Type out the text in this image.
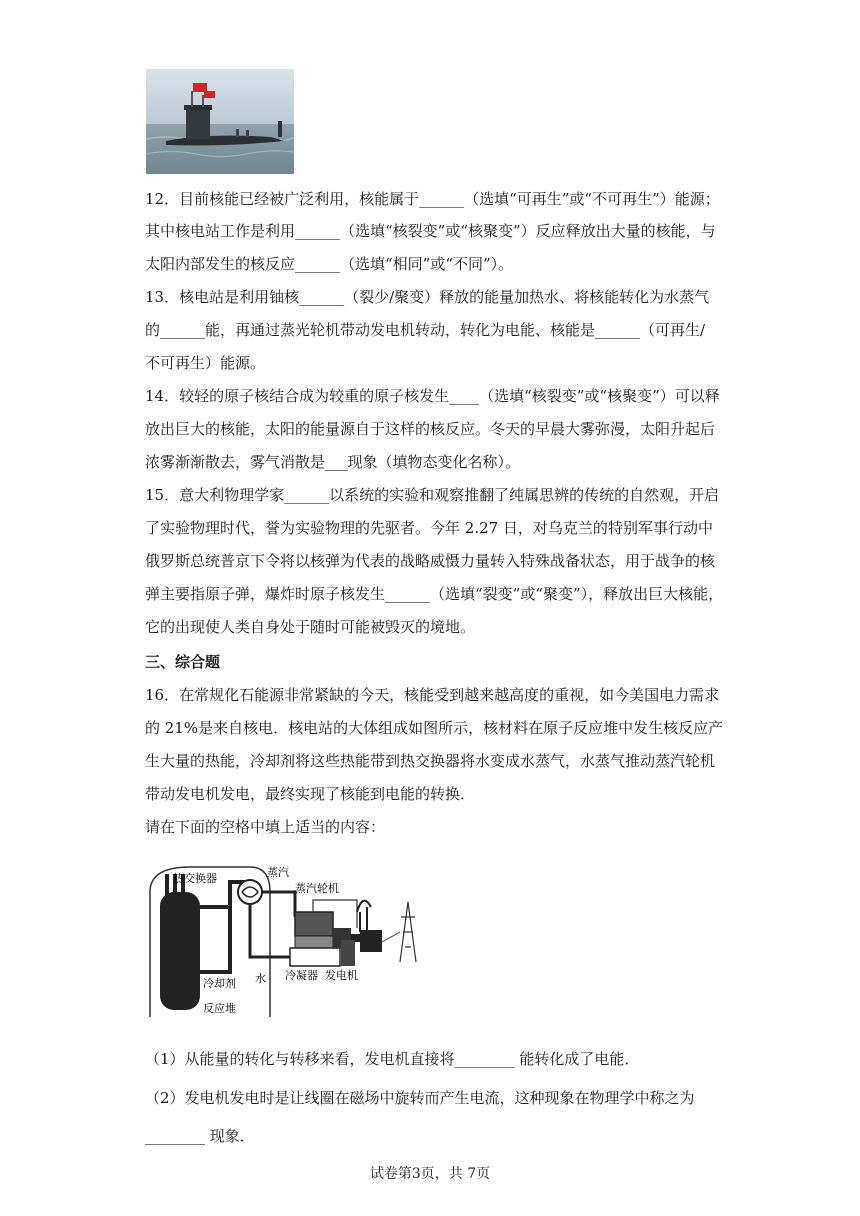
12．目前核能已经被广泛利用，核能属于______（选填“可再生”或“不可再生”）能源；
其中核电站工作是利用______（选填“核裂变”或“核聚变”）反应释放出大量的核能，与
太阳内部发生的核反应______（选填“相同”或“不同”）。
13．核电站是利用铀核______（裂少/聚变）释放的能量加热水、将核能转化为水蒸气
的______能，再通过蒸光轮机带动发电机转动，转化为电能、核能是______（可再生/
不可再生）能源。
14．较轻的原子核结合成为较重的原子核发生____（选填“核裂变”或“核聚变”）可以释
放出巨大的核能，太阳的能量源自于这样的核反应。冬天的早晨大雾弥漫，太阳升起后
浓雾渐渐散去，雾气消散是___现象（填物态变化名称）。
15．意大利物理学家______以系统的实验和观察推翻了纯属思辨的传统的自然观，开启
了实验物理时代，誉为实验物理的先驱者。今年 2.27 日，对乌克兰的特别军事行动中
俄罗斯总统普京下令将以核弹为代表的战略威慑力量转入特殊战备状态，用于战争的核
弹主要指原子弹，爆炸时原子核发生______（选填“裂变”或“聚变”），释放出巨大核能，
它的出现使人类自身处于随时可能被毁灭的境地。
三、综合题
16．在常规化石能源非常紧缺的今天，核能受到越来越高度的重视，如今美国电力需求
的 21%是来自核电．核电站的大体组成如图所示，核材料在原子反应堆中发生核反应产
生大量的热能，冷却剂将这些热能带到热交换器将水变成水蒸气，水蒸气推动蒸汽轮机
带动发电机发电，最终实现了核能到电能的转换．
请在下面的空格中填上适当的内容：
热交换器	蒸汽
蒸汽轮机
冷却剂 水 冷凝器 发电机
反应堆
（1）从能量的转化与转移来看，发电机直接将________ 能转化成了电能．
（2）发电机发电时是让线圈在磁场中旋转而产生电流，这种现象在物理学中称之为
________ 现象．
试卷第3页，共 7页
